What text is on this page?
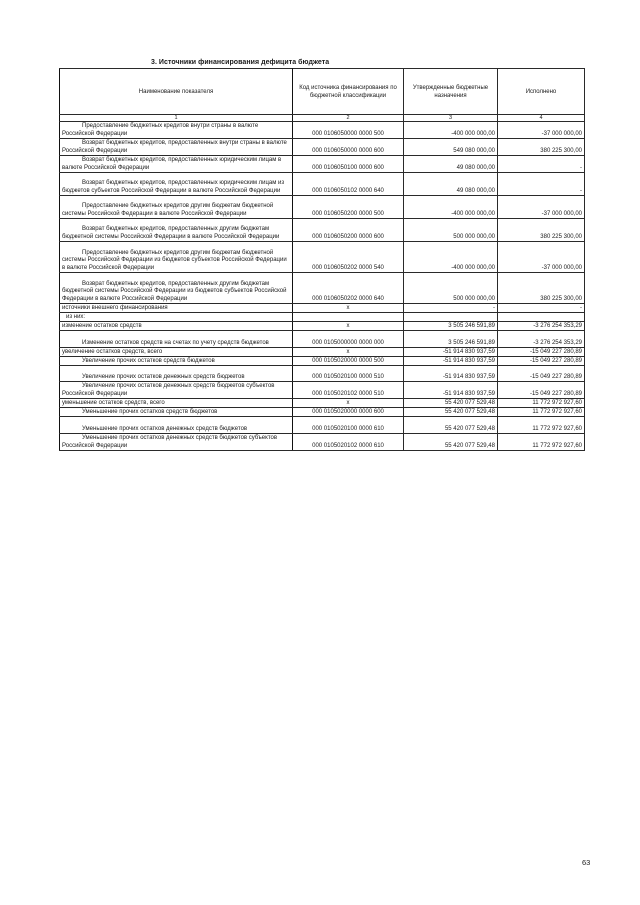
3. Источники финансирования дефицита бюджета
Наименование показателя	Код источника финансирования по бюджетной классификации	Утвержденные бюджетные назначения	Исполнено
1	2	3	4

Предоставление бюджетных кредитов внутри страны в валюте Российской Федерации	000 0106050000 0000 500	-400 000 000,00	-37 000 000,00

Возврат бюджетных кредитов, предоставленных внутри страны в валюте Российской Федерации	000 0106050000 0000 600	549 080 000,00	380 225 300,00

Возврат бюджетных кредитов, предоставленных юридическим лицам в валюте Российской Федерации	000 0106050100 0000 600	49 080 000,00	-

Возврат бюджетных кредитов, предоставленных юридическим лицам из бюджетов субъектов Российской Федерации в валюте Российской Федерации	000 0106050102 0000 640	49 080 000,00	-

Предоставление бюджетных кредитов другим бюджетам бюджетной системы Российской Федерации в валюте Российской Федерации	000 0106050200 0000 500	-400 000 000,00	-37 000 000,00

Возврат бюджетных кредитов, предоставленных другим бюджетам бюджетной системы Российской Федерации в валюте Российской Федерации	000 0106050200 0000 600	500 000 000,00	380 225 300,00

Предоставление бюджетных кредитов другим бюджетам бюджетной системы Российской Федерации из бюджетов субъектов Российской Федерации в валюте Российской Федерации	000 0106050202 0000 540	-400 000 000,00	-37 000 000,00

Возврат бюджетных кредитов, предоставленных другим бюджетам бюджетной системы Российской Федерации из бюджетов субъектов Российской Федерации в валюте Российской Федерации	000 0106050202 0000 640	500 000 000,00	380 225 300,00
источники внешнего финансирования	x	-	-
из них:			
изменение остатков средств	x	3 505 246 591,89	-3 276 254 353,29

Изменение остатков средств на счетах по учету средств бюджетов	000 0105000000 0000 000	3 505 246 591,89	-3 276 254 353,29
увеличение остатков средств, всего	x	-51 914 830 937,59	-15 049 227 280,89

Увеличение прочих остатков средств бюджетов	000 0105020000 0000 500	-51 914 830 937,59	-15 049 227 280,89

Увеличение прочих остатков денежных средств бюджетов	000 0105020100 0000 510	-51 914 830 937,59	-15 049 227 280,89

Увеличение прочих остатков денежных средств бюджетов субъектов Российской Федерации	000 0105020102 0000 510	-51 914 830 937,59	-15 049 227 280,89
уменьшение остатков средств, всего	x	55 420 077 529,48	11 772 972 927,60

Уменьшение прочих остатков средств бюджетов	000 0105020000 0000 600	55 420 077 529,48	11 772 972 927,60

Уменьшение прочих остатков денежных средств бюджетов	000 0105020100 0000 610	55 420 077 529,48	11 772 972 927,60

Уменьшение прочих остатков денежных средств бюджетов субъектов Российской Федерации	000 0105020102 0000 610	55 420 077 529,48	11 772 972 927,60
63
